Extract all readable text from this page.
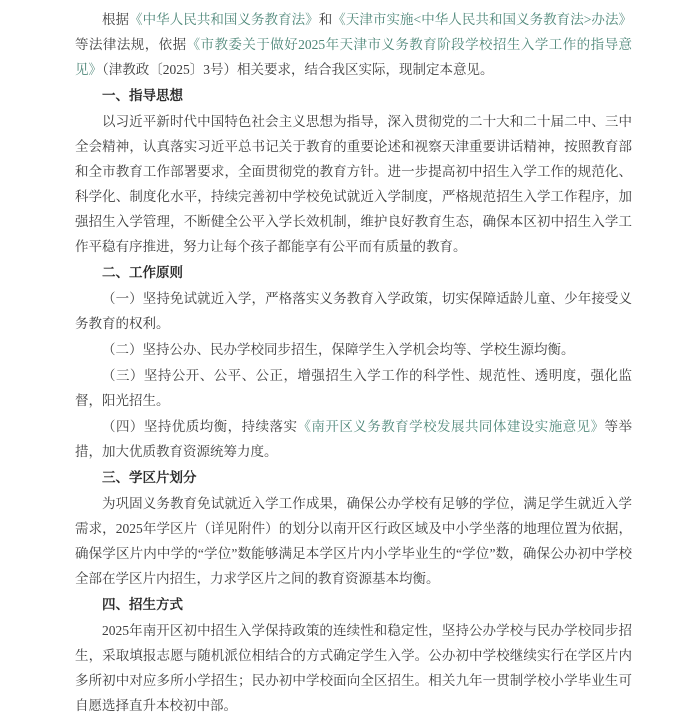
根据《中华人民共和国义务教育法》和《天津市实施<中华人民共和国义务教育法>办法》等法律法规，依据《市教委关于做好2025年天津市义务教育阶段学校招生入学工作的指导意见》（津教政〔2025〕3号）相关要求，结合我区实际，现制定本意见。

一、指导思想

以习近平新时代中国特色社会主义思想为指导，深入贯彻党的二十大和二十届二中、三中全会精神，认真落实习近平总书记关于教育的重要论述和视察天津重要讲话精神，按照教育部和全市教育工作部署要求，全面贯彻党的教育方针。进一步提高初中招生入学工作的规范化、科学化、制度化水平，持续完善初中学校免试就近入学制度，严格规范招生入学工作程序，加强招生入学管理，不断健全公平入学长效机制，维护良好教育生态，确保本区初中招生入学工作平稳有序推进，努力让每个孩子都能享有公平而有质量的教育。

二、工作原则

（一）坚持免试就近入学，严格落实义务教育入学政策，切实保障适龄儿童、少年接受义务教育的权利。

（二）坚持公办、民办学校同步招生，保障学生入学机会均等、学校生源均衡。

（三）坚持公开、公平、公正，增强招生入学工作的科学性、规范性、透明度，强化监督，阳光招生。

（四）坚持优质均衡，持续落实《南开区义务教育学校发展共同体建设实施意见》等举措，加大优质教育资源统筹力度。

三、学区片划分

为巩固义务教育免试就近入学工作成果，确保公办学校有足够的学位，满足学生就近入学需求，2025年学区片（详见附件）的划分以南开区行政区域及中小学坐落的地理位置为依据，确保学区片内中学的“学位”数能够满足本学区片内小学毕业生的“学位”数，确保公办初中学校全部在学区片内招生，力求学区片之间的教育资源基本均衡。

四、招生方式

2025年南开区初中招生入学保持政策的连续性和稳定性，坚持公办学校与民办学校同步招生，采取填报志愿与随机派位相结合的方式确定学生入学。公办初中学校继续实行在学区片内多所初中对应多所小学招生；民办初中学校面向全区招生。相关九年一贯制学校小学毕业生可自愿选择直升本校初中部。
